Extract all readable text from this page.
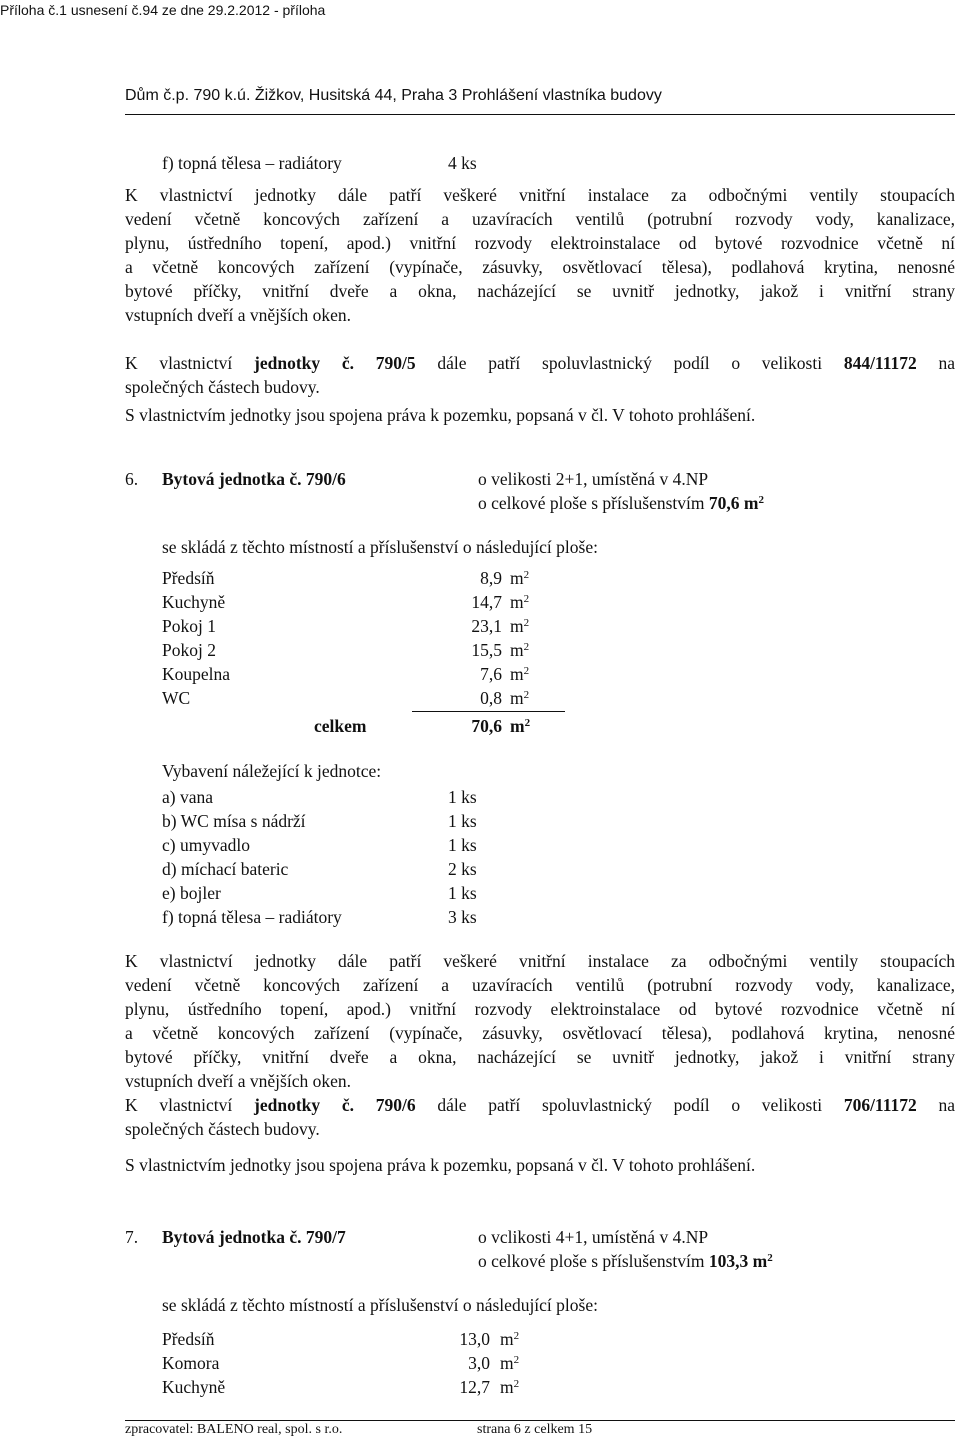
Příloha č.1 usnesení č.94 ze dne 29.2.2012 - příloha
Dům č.p. 790 k.ú. Žižkov, Husitská 44, Praha 3 Prohlášení vlastníka budovy
f) topná tělesa – radiátory	4 ks
K vlastnictví jednotky dále patří veškeré vnitřní instalace za odbočnými ventily stoupacích
vedení včetně koncových zařízení a uzavíracích ventilů (potrubní rozvody vody, kanalizace,
plynu, ústředního topení, apod.) vnitřní rozvody elektroinstalace od bytové rozvodnice včetně ní
a včetně koncových zařízení (vypínače, zásuvky, osvětlovací tělesa), podlahová krytina, nenosné
bytové příčky, vnitřní dveře a okna, nacházející se uvnitř jednotky, jakož i vnitřní strany
vstupních dveří a vnějších oken.
K vlastnictví jednotky č. 790/5 dále patří spoluvlastnický podíl o velikosti 844/11172 na
společných částech budovy.
S vlastnictvím jednotky jsou spojena práva k pozemku, popsaná v čl. V tohoto prohlášení.
6. Bytová jednotka č. 790/6	o velikosti 2+1, umístěná v 4.NP
o celkové ploše s příslušenstvím 70,6 $m^2$
se skládá z těchto místností a příslušenství o následující ploše:
Předsíň	8,9 $m^2$
Kuchyně	14,7 $m^2$
Pokoj 1	23,1 $m^2$
Pokoj 2	15,5 $m^2$
Koupelna	7,6 $m^2$
WC	0,8 $m^2$
celkem	70,6 $m^2$
Vybavení náležející k jednotce:
a) vana	1 ks
b) WC mísa s nádrží	1 ks
c) umyvadlo	1 ks
d) míchací bateric	2 ks
e) bojler	1 ks
f) topná tělesa – radiátory	3 ks
K vlastnictví jednotky dále patří veškeré vnitřní instalace za odbočnými ventily stoupacích
vedení včetně koncových zařízení a uzavíracích ventilů (potrubní rozvody vody, kanalizace,
plynu, ústředního topení, apod.) vnitřní rozvody elektroinstalace od bytové rozvodnice včetně ní
a včetně koncových zařízení (vypínače, zásuvky, osvětlovací tělesa), podlahová krytina, nenosné
bytové příčky, vnitřní dveře a okna, nacházející se uvnitř jednotky, jakož i vnitřní strany
vstupních dveří a vnějších oken.
K vlastnictví jednotky č. 790/6 dále patří spoluvlastnický podíl o velikosti 706/11172 na
společných částech budovy.
S vlastnictvím jednotky jsou spojena práva k pozemku, popsaná v čl. V tohoto prohlášení.
7. Bytová jednotka č. 790/7	o vclikosti 4+1, umístěná v 4.NP
o celkové ploše s příslušenstvím 103,3 $m^2$
se skládá z těchto místností a příslušenství o následující ploše:
Předsíň	13,0 $m^2$
Komora	3,0 $m^2$
Kuchyně	12,7 $m^2$
zpracovatel: BALENO real, spol. s r.o.	strana 6 z celkem 15
